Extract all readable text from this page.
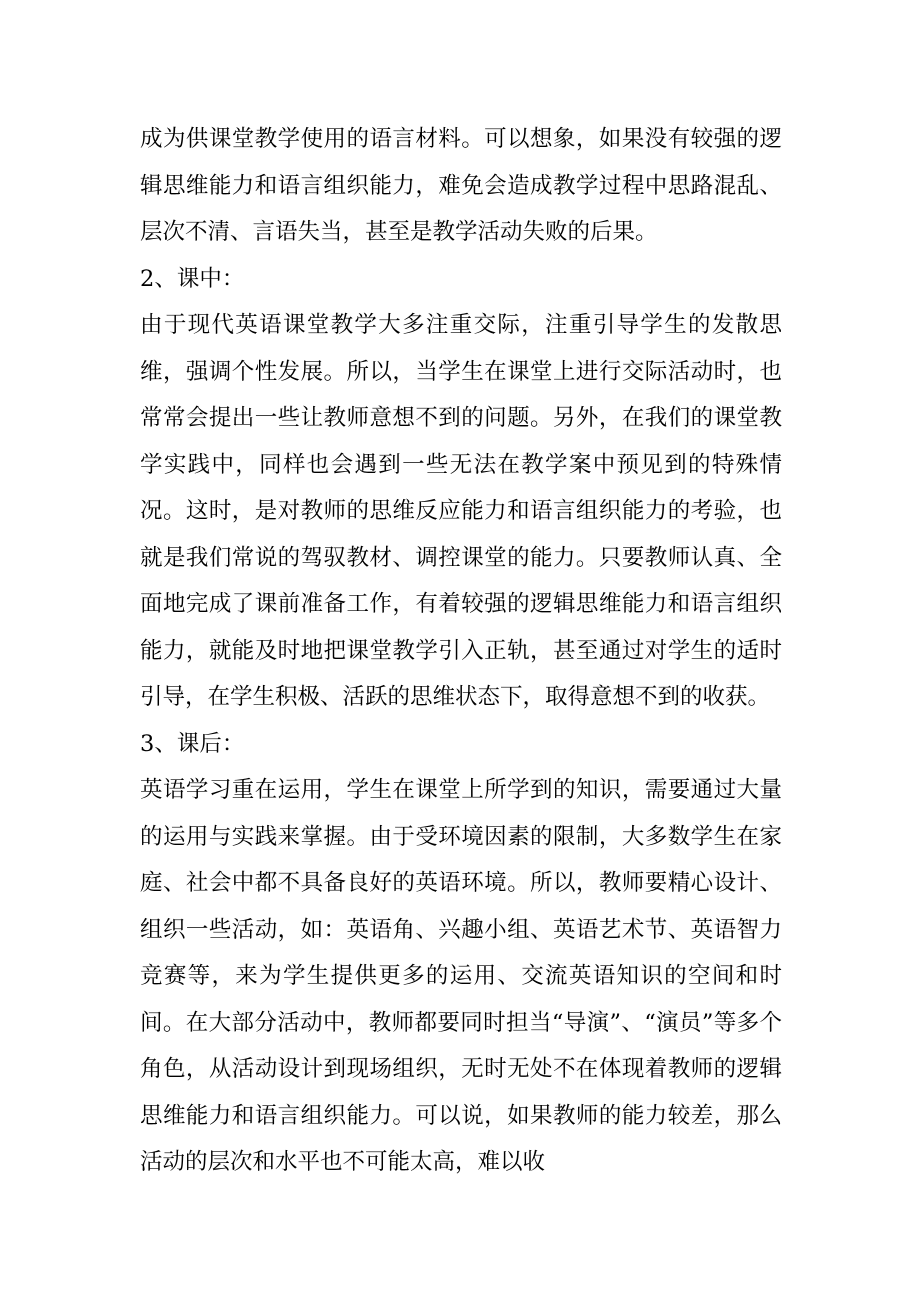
成为供课堂教学使用的语言材料。可以想象，如果没有较强的逻辑思维能力和语言组织能力，难免会造成教学过程中思路混乱、层次不清、言语失当，甚至是教学活动失败的后果。

2、课中：

由于现代英语课堂教学大多注重交际，注重引导学生的发散思维，强调个性发展。所以，当学生在课堂上进行交际活动时，也常常会提出一些让教师意想不到的问题。另外，在我们的课堂教学实践中，同样也会遇到一些无法在教学案中预见到的特殊情况。这时，是对教师的思维反应能力和语言组织能力的考验，也就是我们常说的驾驭教材、调控课堂的能力。只要教师认真、全面地完成了课前准备工作，有着较强的逻辑思维能力和语言组织能力，就能及时地把课堂教学引入正轨，甚至通过对学生的适时引导，在学生积极、活跃的思维状态下，取得意想不到的收获。

3、课后：

英语学习重在运用，学生在课堂上所学到的知识，需要通过大量的运用与实践来掌握。由于受环境因素的限制，大多数学生在家庭、社会中都不具备良好的英语环境。所以，教师要精心设计、组织一些活动，如：英语角、兴趣小组、英语艺术节、英语智力竞赛等，来为学生提供更多的运用、交流英语知识的空间和时间。在大部分活动中，教师都要同时担当“导演”、“演员”等多个角色，从活动设计到现场组织，无时无处不在体现着教师的逻辑思维能力和语言组织能力。可以说，如果教师的能力较差，那么活动的层次和水平也不可能太高，难以收
